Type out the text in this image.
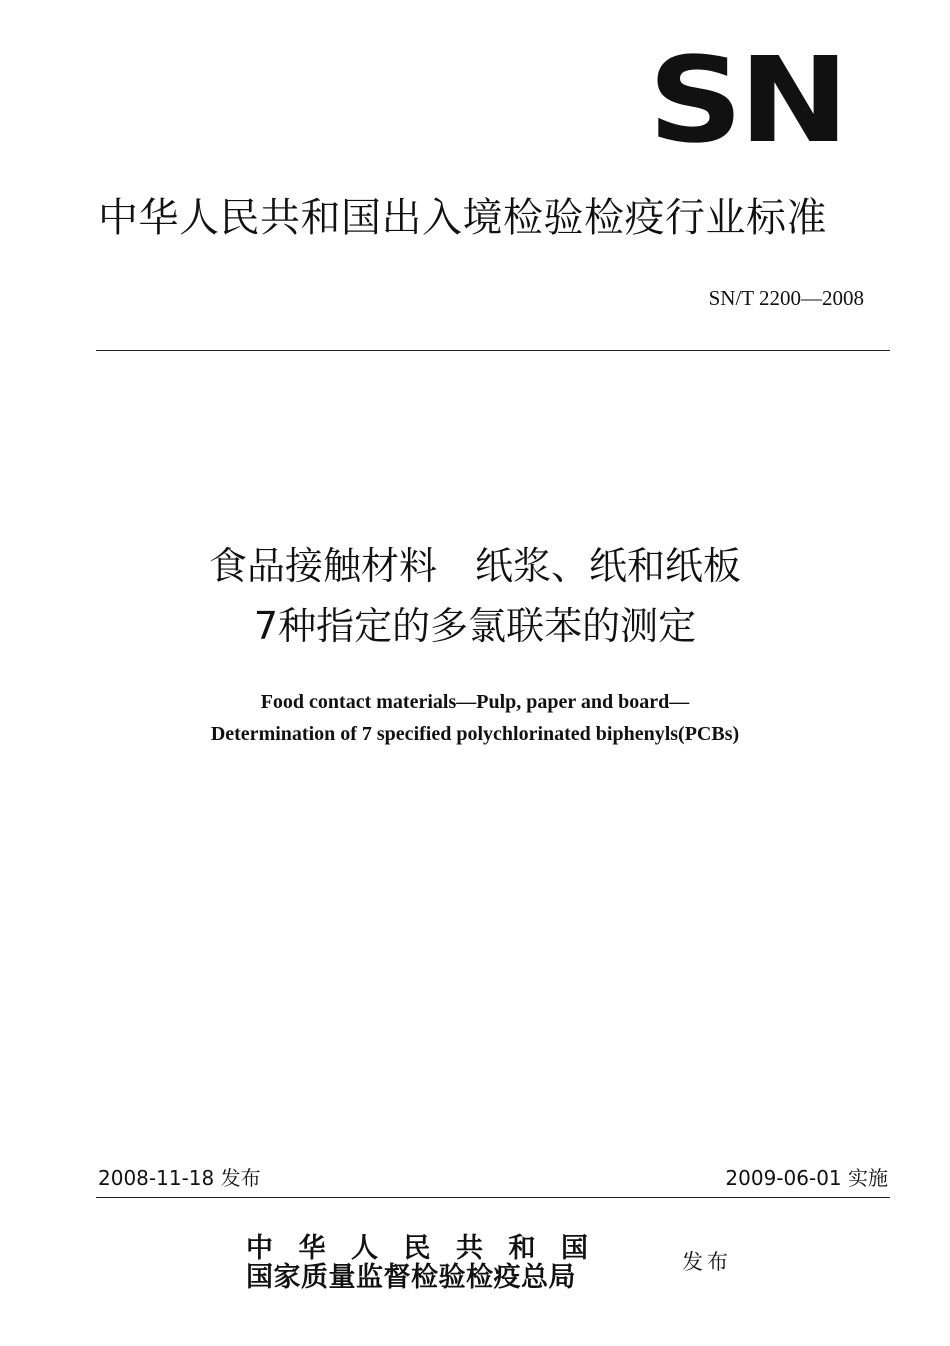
SN
中华人民共和国出入境检验检疫行业标准
SN/T 2200—2008
食品接触材料　纸浆、纸和纸板
7种指定的多氯联苯的测定
Food contact materials—Pulp, paper and board—
Determination of 7 specified polychlorinated biphenyls(PCBs)
2008-11-18 发布	2009-06-01 实施
中华人民共和国
国家质量监督检验检疫总局	发布
